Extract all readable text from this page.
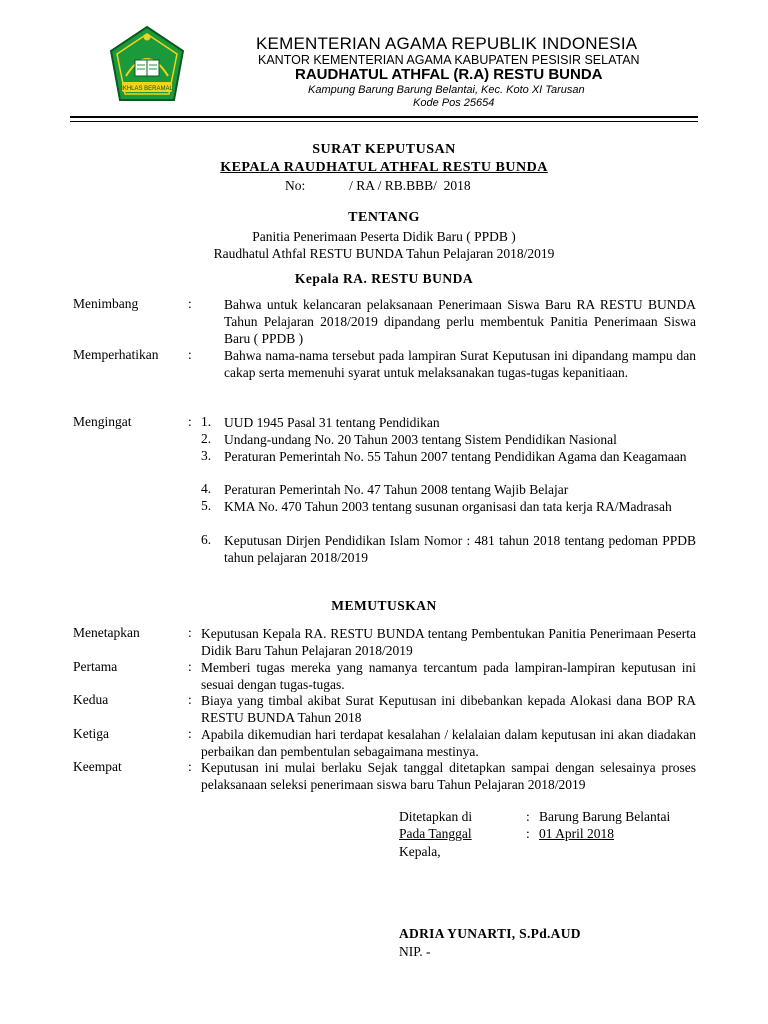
IKHLAS BERAMAL
KEMENTERIAN AGAMA REPUBLIK INDONESIA
KANTOR KEMENTERIAN AGAMA KABUPATEN PESISIR SELATAN
RAUDHATUL ATHFAL (R.A) RESTU BUNDA
Kampung Barung Barung Belantai, Kec. Koto XI Tarusan
Kode Pos 25654
SURAT KEPUTUSAN
KEPALA RAUDHATUL ATHFAL RESTU BUNDA
No:             / RA / RB.BBB/  2018
TENTANG
Panitia Penerimaan Peserta Didik Baru ( PPDB )
Raudhatul Athfal RESTU BUNDA Tahun Pelajaran 2018/2019
Kepala RA. RESTU BUNDA
Menimbang	: Bahwa untuk kelancaran pelaksanaan Penerimaan Siswa Baru RA RESTU BUNDA Tahun Pelajaran 2018/2019 dipandang perlu membentuk Panitia Penerimaan Siswa Baru ( PPDB )
Memperhatikan : Bahwa nama-nama tersebut pada lampiran Surat Keputusan ini dipandang mampu dan cakap serta memenuhi syarat untuk melaksanakan tugas-tugas kepanitiaan.
Mengingat	: 1. UUD 1945 Pasal 31 tentang Pendidikan
2. Undang-undang No. 20 Tahun 2003 tentang Sistem Pendidikan Nasional
3. Peraturan Pemerintah No. 55 Tahun 2007 tentang Pendidikan Agama dan Keagamaan
4. Peraturan Pemerintah No. 47 Tahun 2008 tentang Wajib Belajar
5. KMA No. 470 Tahun 2003 tentang susunan organisasi dan tata kerja RA/Madrasah
6. Keputusan Dirjen Pendidikan Islam Nomor : 481 tahun 2018 tentang pedoman PPDB tahun pelajaran 2018/2019
MEMUTUSKAN
Menetapkan	: Keputusan Kepala RA. RESTU BUNDA tentang Pembentukan Panitia Penerimaan Peserta Didik Baru Tahun Pelajaran 2018/2019
Pertama	: Memberi tugas mereka yang namanya tercantum pada lampiran-lampiran keputusan ini sesuai dengan tugas-tugas.
Kedua	: Biaya yang timbal akibat Surat Keputusan ini dibebankan kepada Alokasi dana BOP RA RESTU BUNDA Tahun 2018
Ketiga	: Apabila dikemudian hari terdapat kesalahan / kelalaian dalam keputusan ini akan diadakan perbaikan dan pembentulan sebagaimana mestinya.
Keempat	: Keputusan ini mulai berlaku Sejak tanggal ditetapkan sampai dengan selesainya proses pelaksanaan seleksi penerimaan siswa baru Tahun Pelajaran 2018/2019
Ditetapkan di	: Barung Barung Belantai
Pada Tanggal	: 01 April 2018
Kepala,
ADRIA YUNARTI, S.Pd.AUD
NIP. -
